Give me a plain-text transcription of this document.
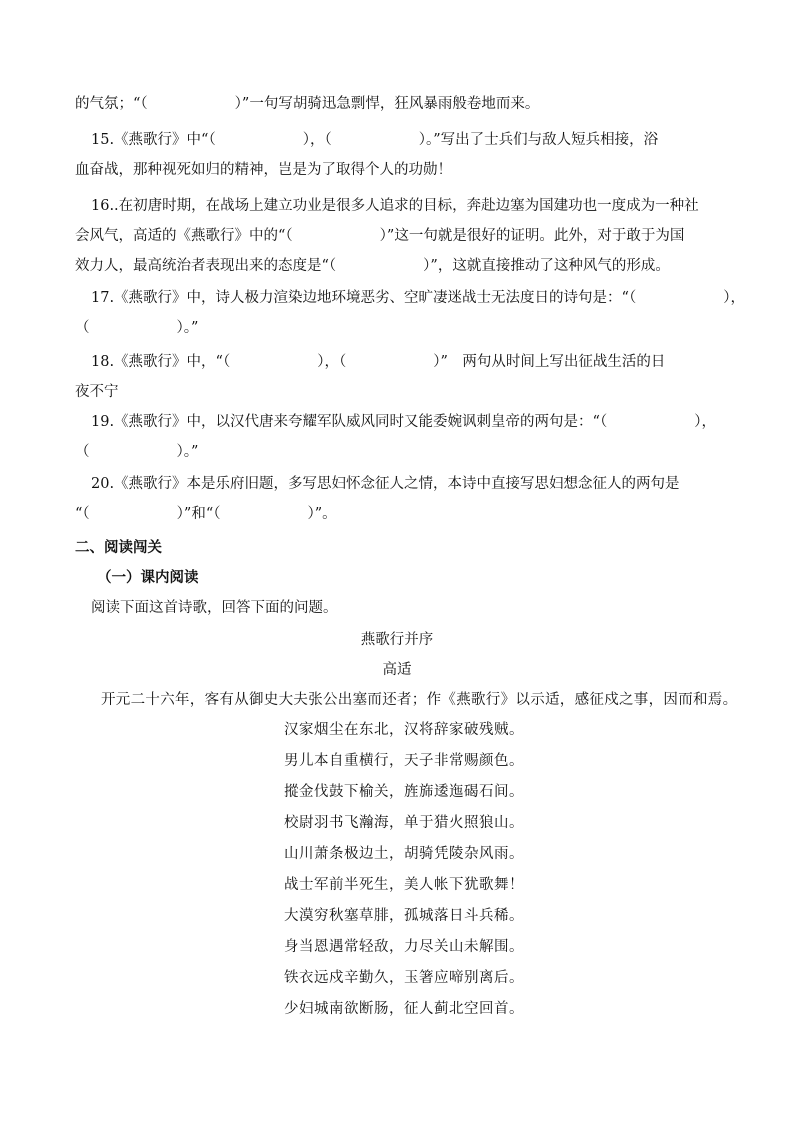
的气氛；“（　　　　　　）”一句写胡骑迅急剽悍，狂风暴雨般卷地而来。
15.《燕歌行》中“（　　　　　　），（　　　　　　）。”写出了士兵们与敌人短兵相接，浴
血奋战，那种视死如归的精神，岂是为了取得个人的功勋！
16..在初唐时期，在战场上建立功业是很多人追求的目标，奔赴边塞为国建功也一度成为一种社
会风气，高适的《燕歌行》中的“（　　　　　　）”这一句就是很好的证明。此外，对于敢于为国
效力人，最高统治者表现出来的态度是“（　　　　　　）”，这就直接推动了这种风气的形成。
17.《燕歌行》中，诗人极力渲染边地环境恶劣、空旷凄迷战士无法度日的诗句是：“（　　　　　　），
（　　　　　　）。”
18.《燕歌行》中，“（　　　　　　），（　　　　　　）”　两句从时间上写出征战生活的日
夜不宁
19.《燕歌行》中，以汉代唐来夸耀军队威风同时又能委婉讽刺皇帝的两句是：“（　　　　　　），
（　　　　　　）。”
20.《燕歌行》本是乐府旧题，多写思妇怀念征人之情，本诗中直接写思妇想念征人的两句是
“（　　　　　　）”和“（　　　　　　）”。
二、阅读闯关
（一）课内阅读
阅读下面这首诗歌，回答下面的问题。
燕歌行并序
高适
开元二十六年，客有从御史大夫张公出塞而还者；作《燕歌行》以示适，感征戍之事，因而和焉。
汉家烟尘在东北，汉将辞家破残贼。
男儿本自重横行，天子非常赐颜色。
摐金伐鼓下榆关，旌旆逶迤碣石间。
校尉羽书飞瀚海，单于猎火照狼山。
山川萧条极边土，胡骑凭陵杂风雨。
战士军前半死生，美人帐下犹歌舞！
大漠穷秋塞草腓，孤城落日斗兵稀。
身当恩遇常轻敌，力尽关山未解围。
铁衣远戍辛勤久，玉箸应啼别离后。
少妇城南欲断肠，征人蓟北空回首。
